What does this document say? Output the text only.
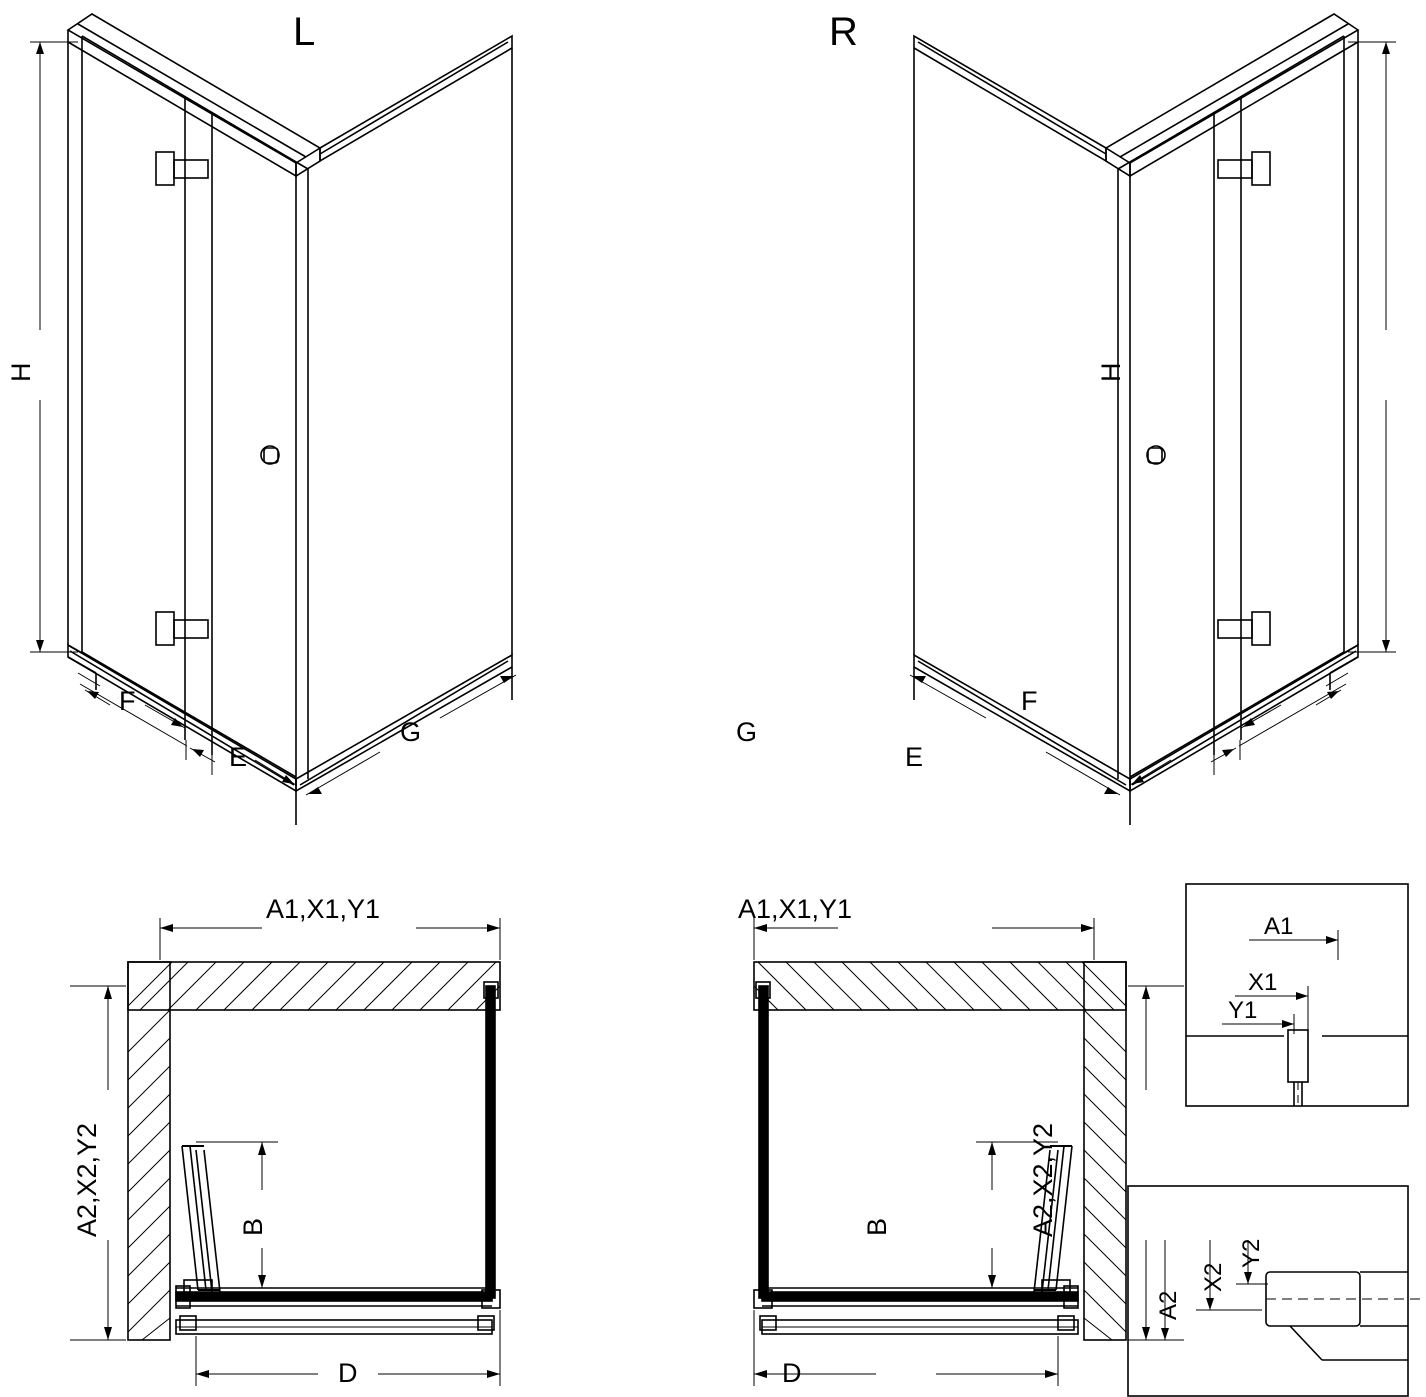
L
H
F
E
G
R
H
G
E
F
A1,X1,Y1
A2,X2,Y2	B
D
A1,X1,Y1
A2,X2,Y2
B
D
A1
X1
Y1
A2
X2
Y2
